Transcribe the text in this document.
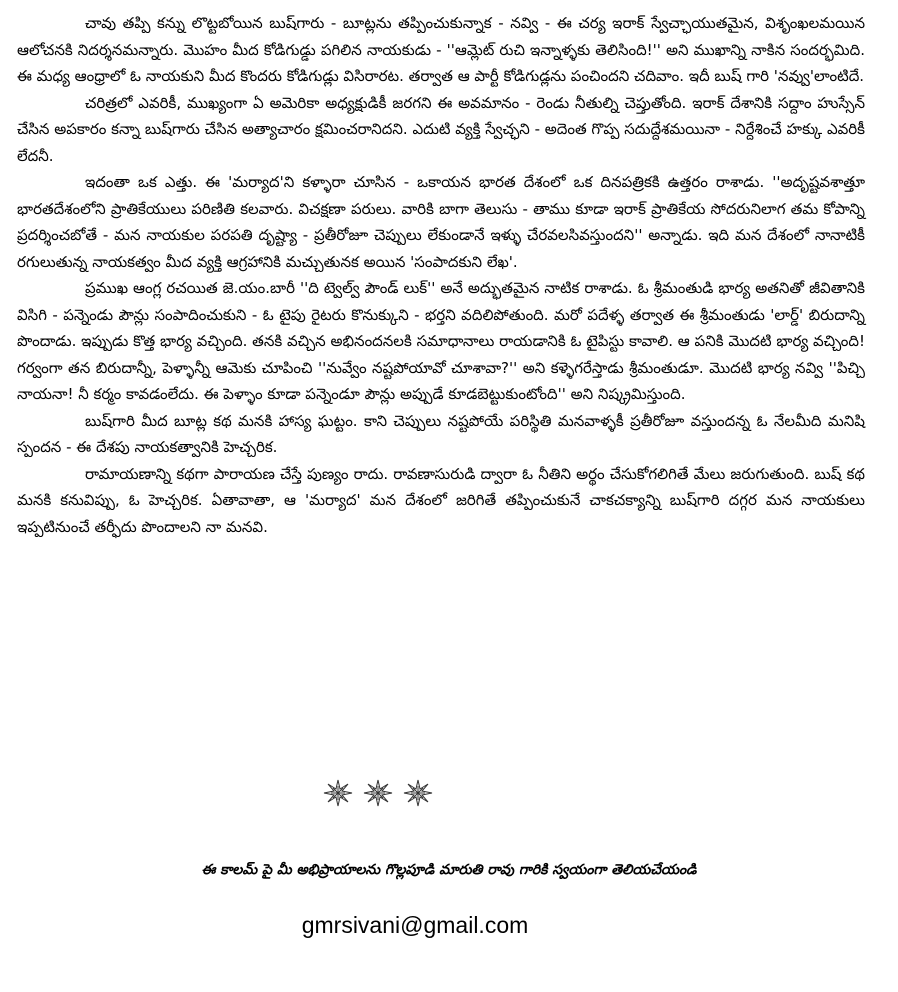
చావు తప్పి కన్ను లొట్టబోయిన బుష్‌గారు - బూట్లను తప్పించుకున్నాక - నవ్వి - ఈ చర్య ఇరాక్ స్వేచ్ఛాయుతమైన, విశృంఖలమయిన ఆలోచనకి నిదర్శనమన్నారు. మొహం మీద కోడిగుడ్డు పగిలిన నాయకుడు - ''ఆమ్లెట్ రుచి ఇన్నాళ్ళకు తెలిసింది!'' అని ముఖాన్ని నాకిన సందర్భమిది. ఈ మధ్య ఆంధ్రాలో ఓ నాయకుని మీద కొందరు కోడిగుడ్లు విసిరారట. తర్వాత ఆ పార్టీ కోడిగుడ్లను పంచిందని చదివాం. ఇదీ బుష్ గారి 'నవ్వు'లాంటిదే.

చరిత్రలో ఎవరికీ, ముఖ్యంగా ఏ అమెరికా అధ్యక్షుడికీ జరగని ఈ అవమానం - రెండు నీతుల్ని చెప్తుతోంది. ఇరాక్ దేశానికి సద్దాం హుస్సేన్ చేసిన అపకారం కన్నా బుష్‌గారు చేసిన అత్యాచారం క్షమించరానిదని. ఎదుటి వ్యక్తి స్వేచ్ఛని - అదెంత గొప్ప సదుద్దేశమయినా - నిర్దేశించే హక్కు ఎవరికీ లేదనీ.

ఇదంతా ఒక ఎత్తు. ఈ 'మర్యాద'ని కళ్ళారా చూసిన - ఒకాయన భారత దేశంలో ఒక దినపత్రికకి ఉత్తరం రాశాడు. ''అదృష్టవశాత్తూ భారతదేశంలోని ప్రాతికేయులు పరిణితి కలవారు. విచక్షణా పరులు. వారికి బాగా తెలుసు - తాము కూడా ఇరాక్ ప్రాతికేయ సోదరునిలాగ తమ కోపాన్ని ప్రదర్శించబోతే - మన నాయకుల పరపతి దృష్ట్యా - ప్రతీరోజూ చెప్పులు లేకుండానే ఇళ్ళు చేరవలసివస్తుందని'' అన్నాడు. ఇది మన దేశంలో నానాటికీ రగులుతున్న నాయకత్వం మీద వ్యక్తి ఆగ్రహానికి మచ్చుతునక అయిన 'సంపాదకుని లేఖ'.

ప్రముఖ ఆంగ్ల రచయిత జె.యం.బారీ ''ది ట్వెల్వ్ పౌండ్ లుక్'' అనే అద్భుతమైన నాటిక రాశాడు. ఓ శ్రీమంతుడి భార్య అతనితో జీవితానికి విసిగి - పన్నెండు పౌన్లు సంపాదించుకుని - ఓ టైపు రైటరు కొనుక్కుని - భర్తని వదిలిపోతుంది. మరో పదేళ్ళ తర్వాత ఈ శ్రీమంతుడు 'లార్డ్' బిరుదాన్ని పొందాడు. ఇప్పుడు కొత్త భార్య వచ్చింది. తనకి వచ్చిన అభినందనలకి సమాధానాలు రాయడానికి ఓ టైపిస్టు కావాలి. ఆ పనికి మొదటి భార్య వచ్చింది! గర్వంగా తన బిరుదాన్నీ, పెళ్ళాన్నీ ఆమెకు చూపించి ''నువ్వేం నష్టపోయావో చూశావా?'' అని కళ్ళెగరేస్తాడు శ్రీమంతుడూ. మొదటి భార్య నవ్వి ''పిచ్చి నాయనా! నీ కర్మం కావడంలేదు. ఈ పెళ్ళాం కూడా పన్నెండూ పౌన్లు అప్పుడే కూడబెట్టుకుంటోంది'' అని నిష్క్రమిస్తుంది.

బుష్‌గారి మీద బూట్ల కథ మనకి హాస్య ఘట్టం. కాని చెప్పులు నష్టపోయే పరిస్థితి మనవాళ్ళకీ ప్రతీరోజూ వస్తుందన్న ఓ నేలమీది మనిషి స్పందన - ఈ దేశపు నాయకత్వానికి హెచ్చరిక.

రామాయణాన్ని కథగా పారాయణ చేస్తే పుణ్యం రాదు. రావణాసురుడి ద్వారా ఓ నీతిని అర్థం చేసుకోగలిగితే మేలు జరుగుతుంది. బుష్ కథ మనకి కనువిప్పు, ఓ హెచ్చరిక. ఏతావాతా, ఆ 'మర్యాద' మన దేశంలో జరిగితే తప్పించుకునే చాకచక్యాన్ని బుష్‌గారి దగ్గర మన నాయకులు ఇప్పటినుంచే తర్ఫీదు పొందాలని నా మనవి.

ఈ కాలమ్ పై మీ అభిప్రాయాలను గొల్లపూడి మారుతి రావు గారికి స్వయంగా తెలియచేయండి
gmrsivani@gmail.com
